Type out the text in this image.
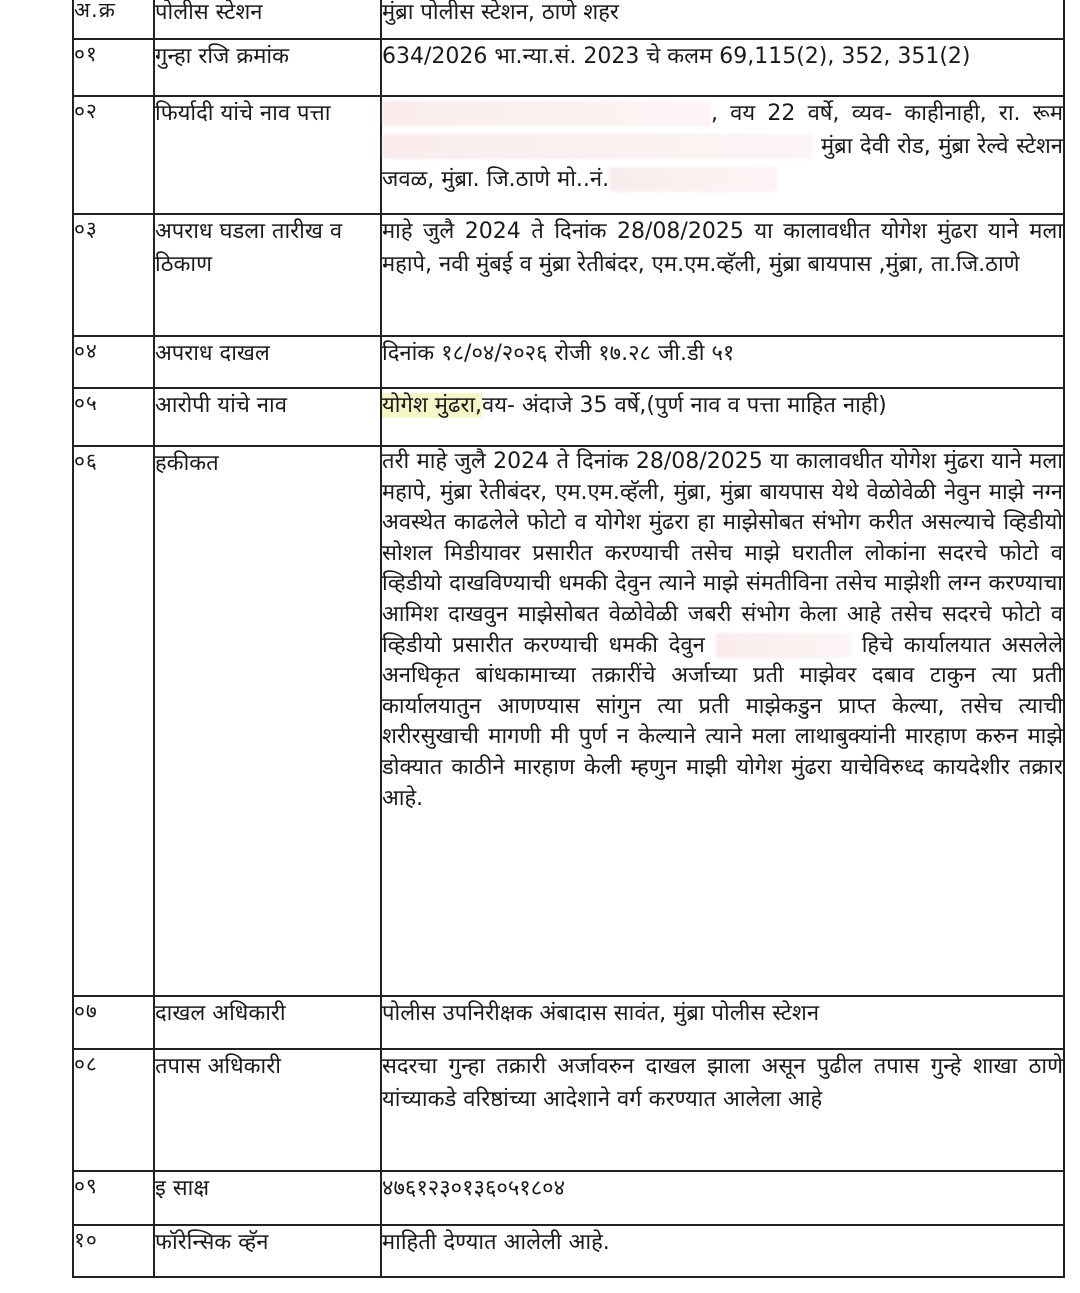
अ.क्र	पोलीस स्टेशन	मुंब्रा पोलीस स्टेशन, ठाणे शहर
०१	गुन्हा रजि क्रमांक	634/2026 भा.न्या.सं. 2023 चे कलम 69,115(2), 352, 351(2)
०२	फिर्यादी यांचे नाव पत्ता	, वय 22 वर्षे, व्यव- काहीनाही, रा. रूम मुंब्रा देवी रोड, मुंब्रा रेल्वे स्टेशन जवळ, मुंब्रा. जि.ठाणे मो..नं.
०३	अपराध घडला तारीख व ठिकाण	माहे जुलै 2024 ते दिनांक 28/08/2025 या कालावधीत योगेश मुंढरा याने मला महापे, नवी मुंबई व मुंब्रा रेतीबंदर, एम.एम.व्हॅली, मुंब्रा बायपास ,मुंब्रा, ता.जि.ठाणे
०४	अपराध दाखल	दिनांक १८/०४/२०२६ रोजी १७.२८ जी.डी ५१
०५	आरोपी यांचे नाव	योगेश मुंढरा,वय- अंदाजे 35 वर्षे,(पुर्ण नाव व पत्ता माहित नाही)
०६	हकीकत	तरी माहे जुलै 2024 ते दिनांक 28/08/2025 या कालावधीत योगेश मुंढरा याने मला महापे, मुंब्रा रेतीबंदर, एम.एम.व्हॅली, मुंब्रा, मुंब्रा बायपास येथे वेळोवेळी नेवुन माझे नग्न अवस्थेत काढलेले फोटो व योगेश मुंढरा हा माझेसोबत संभोग करीत असल्याचे व्हिडीयो सोशल मिडीयावर प्रसारीत करण्याची तसेच माझे घरातील लोकांना सदरचे फोटो व व्हिडीयो दाखविण्याची धमकी देवुन त्याने माझे संमतीविना तसेच माझेशी लग्न करण्याचा आमिश दाखवुन माझेसोबत वेळोवेळी जबरी संभोग केला आहे तसेच सदरचे फोटो व व्हिडीयो प्रसारीत करण्याची धमकी देवुन हिचे कार्यालयात असलेले अनधिकृत बांधकामाच्या तक्रारींचे अर्जाच्या प्रती माझेवर दबाव टाकुन त्या प्रती कार्यालयातुन आणण्यास सांगुन त्या प्रती माझेकडुन प्राप्त केल्या, तसेच त्याची शरीरसुखाची मागणी मी पुर्ण न केल्याने त्याने मला लाथाबुक्यांनी मारहाण करुन माझे डोक्यात काठीने मारहाण केली म्हणुन माझी योगेश मुंढरा याचेविरुध्द कायदेशीर तक्रार आहे.
०७	दाखल अधिकारी	पोलीस उपनिरीक्षक अंबादास सावंत, मुंब्रा पोलीस स्टेशन
०८	तपास अधिकारी	सदरचा गुन्हा तक्रारी अर्जावरुन दाखल झाला असून पुढील तपास गुन्हे शाखा ठाणे यांच्याकडे वरिष्ठांच्या आदेशाने वर्ग करण्यात आलेला आहे
०९	इ साक्ष	४७६१२३०१३६०५१८०४
१०	फॉरेन्सिक व्हॅन	माहिती देण्यात आलेली आहे.
